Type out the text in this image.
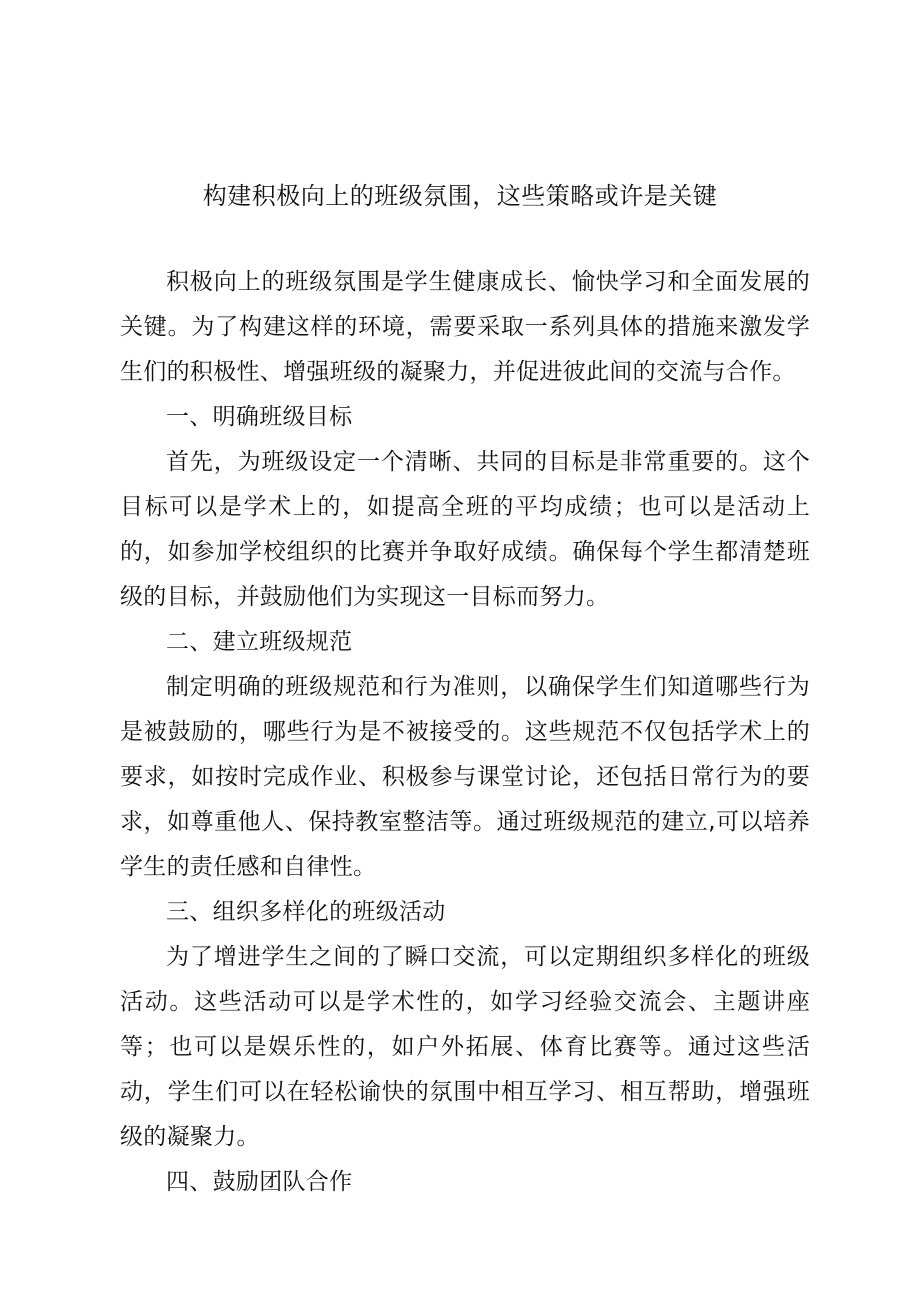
构建积极向上的班级氛围，这些策略或许是关键

积极向上的班级氛围是学生健康成长、愉快学习和全面发展的关键。为了构建这样的环境，需要采取一系列具体的措施来激发学生们的积极性、增强班级的凝聚力，并促进彼此间的交流与合作。

一、明确班级目标

首先，为班级设定一个清晰、共同的目标是非常重要的。这个目标可以是学术上的，如提高全班的平均成绩；也可以是活动上的，如参加学校组织的比赛并争取好成绩。确保每个学生都清楚班级的目标，并鼓励他们为实现这一目标而努力。

二、建立班级规范

制定明确的班级规范和行为准则，以确保学生们知道哪些行为是被鼓励的，哪些行为是不被接受的。这些规范不仅包括学术上的要求，如按时完成作业、积极参与课堂讨论，还包括日常行为的要求，如尊重他人、保持教室整洁等。通过班级规范的建立,可以培养学生的责任感和自律性。

三、组织多样化的班级活动

为了增进学生之间的了瞬口交流，可以定期组织多样化的班级活动。这些活动可以是学术性的，如学习经验交流会、主题讲座等；也可以是娱乐性的，如户外拓展、体育比赛等。通过这些活动，学生们可以在轻松谕快的氛围中相互学习、相互帮助，增强班级的凝聚力。

四、鼓励团队合作
